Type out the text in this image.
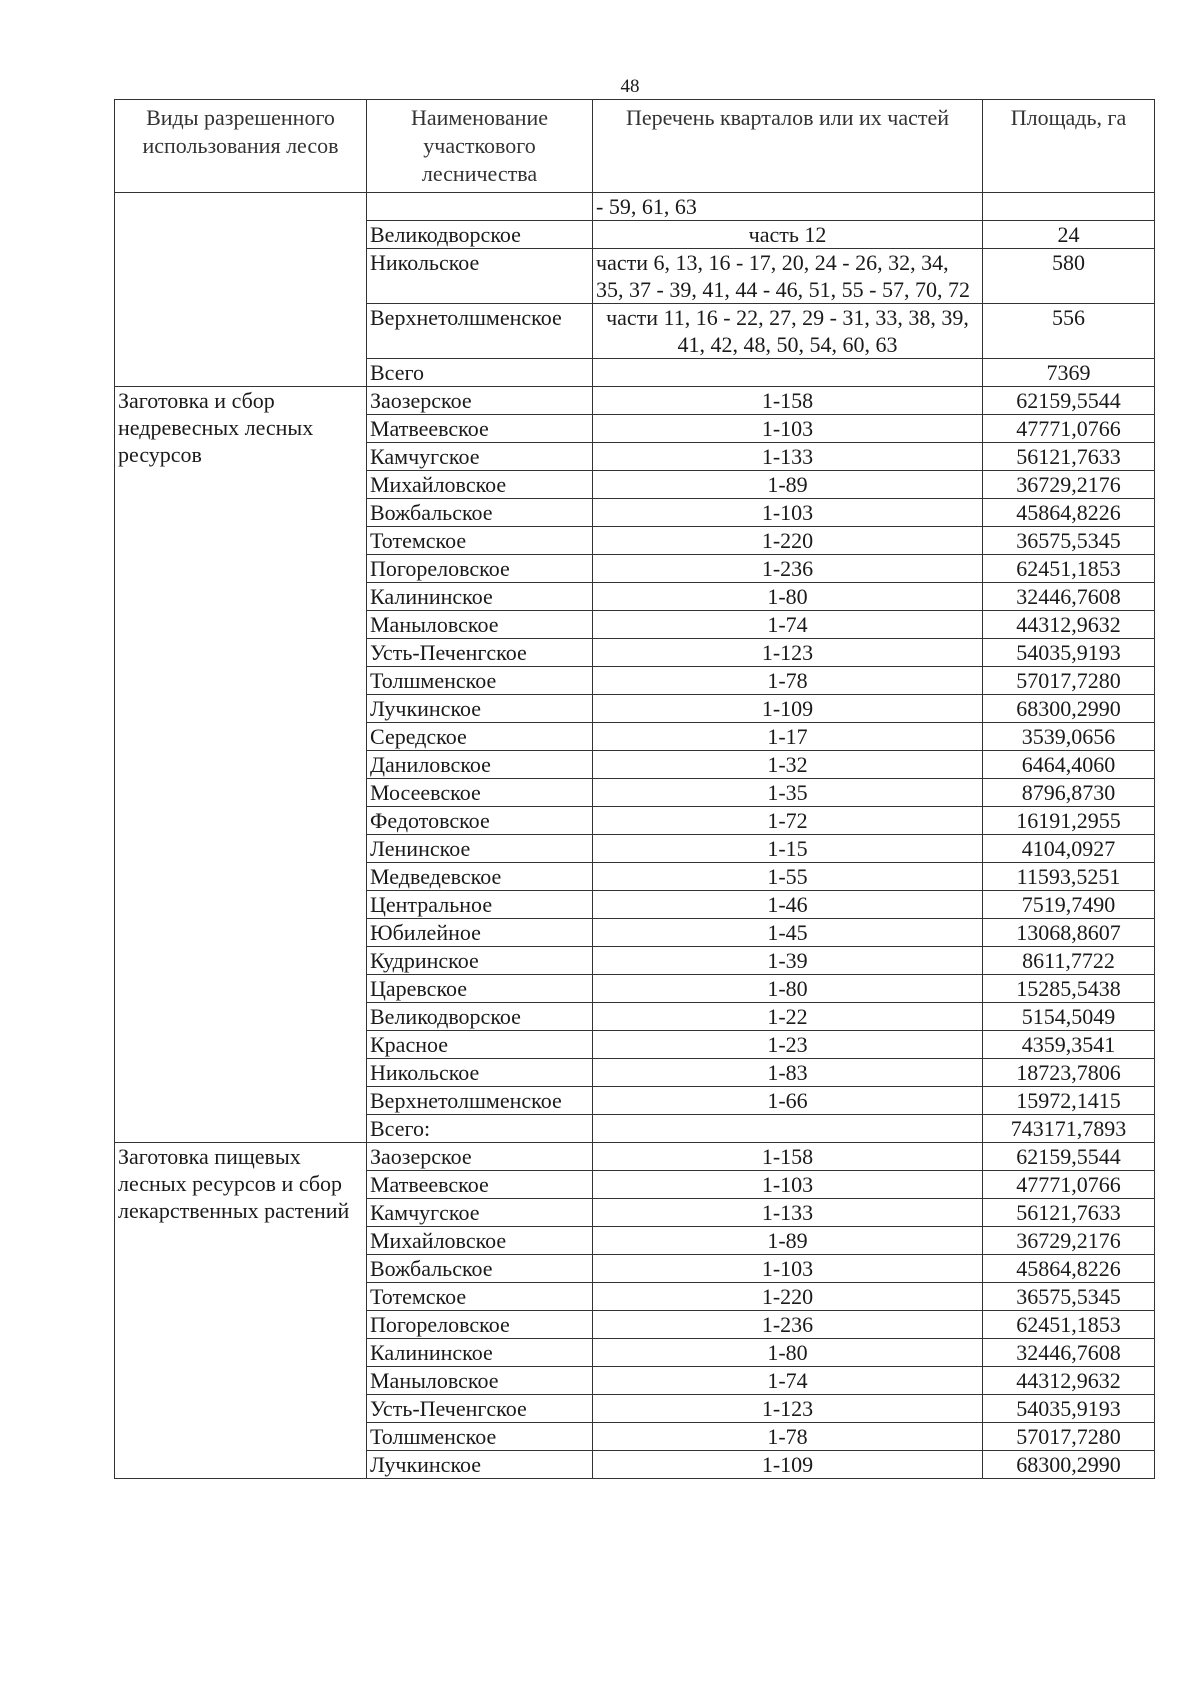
48
Виды разрешенного использования лесов	Наименование участкового лесничества	Перечень кварталов или их частей	Площадь, га
		- 59, 61, 63	
	Великодворское	часть 12	24
	Никольское	части 6, 13, 16 - 17, 20, 24 - 26, 32, 34, 35, 37 - 39, 41, 44 - 46, 51, 55 - 57, 70, 72	580
	Верхнетолшменское	части 11, 16 - 22, 27, 29 - 31, 33, 38, 39, 41, 42, 48, 50, 54, 60, 63	556
	Всего		7369
Заготовка и сбор недревесных лесных ресурсов	Заозерское	1-158	62159,5544
	Матвеевское	1-103	47771,0766
	Камчугское	1-133	56121,7633
	Михайловское	1-89	36729,2176
	Вожбальское	1-103	45864,8226
	Тотемское	1-220	36575,5345
	Погореловское	1-236	62451,1853
	Калининское	1-80	32446,7608
	Маныловское	1-74	44312,9632
	Усть-Печенгское	1-123	54035,9193
	Толшменское	1-78	57017,7280
	Лучкинское	1-109	68300,2990
	Середское	1-17	3539,0656
	Даниловское	1-32	6464,4060
	Мосеевское	1-35	8796,8730
	Федотовское	1-72	16191,2955
	Ленинское	1-15	4104,0927
	Медведевское	1-55	11593,5251
	Центральное	1-46	7519,7490
	Юбилейное	1-45	13068,8607
	Кудринское	1-39	8611,7722
	Царевское	1-80	15285,5438
	Великодворское	1-22	5154,5049
	Красное	1-23	4359,3541
	Никольское	1-83	18723,7806
	Верхнетолшменское	1-66	15972,1415
	Всего:		743171,7893
Заготовка пищевых лесных ресурсов и сбор лекарственных растений	Заозерское	1-158	62159,5544
	Матвеевское	1-103	47771,0766
	Камчугское	1-133	56121,7633
	Михайловское	1-89	36729,2176
	Вожбальское	1-103	45864,8226
	Тотемское	1-220	36575,5345
	Погореловское	1-236	62451,1853
	Калининское	1-80	32446,7608
	Маныловское	1-74	44312,9632
	Усть-Печенгское	1-123	54035,9193
	Толшменское	1-78	57017,7280
	Лучкинское	1-109	68300,2990
